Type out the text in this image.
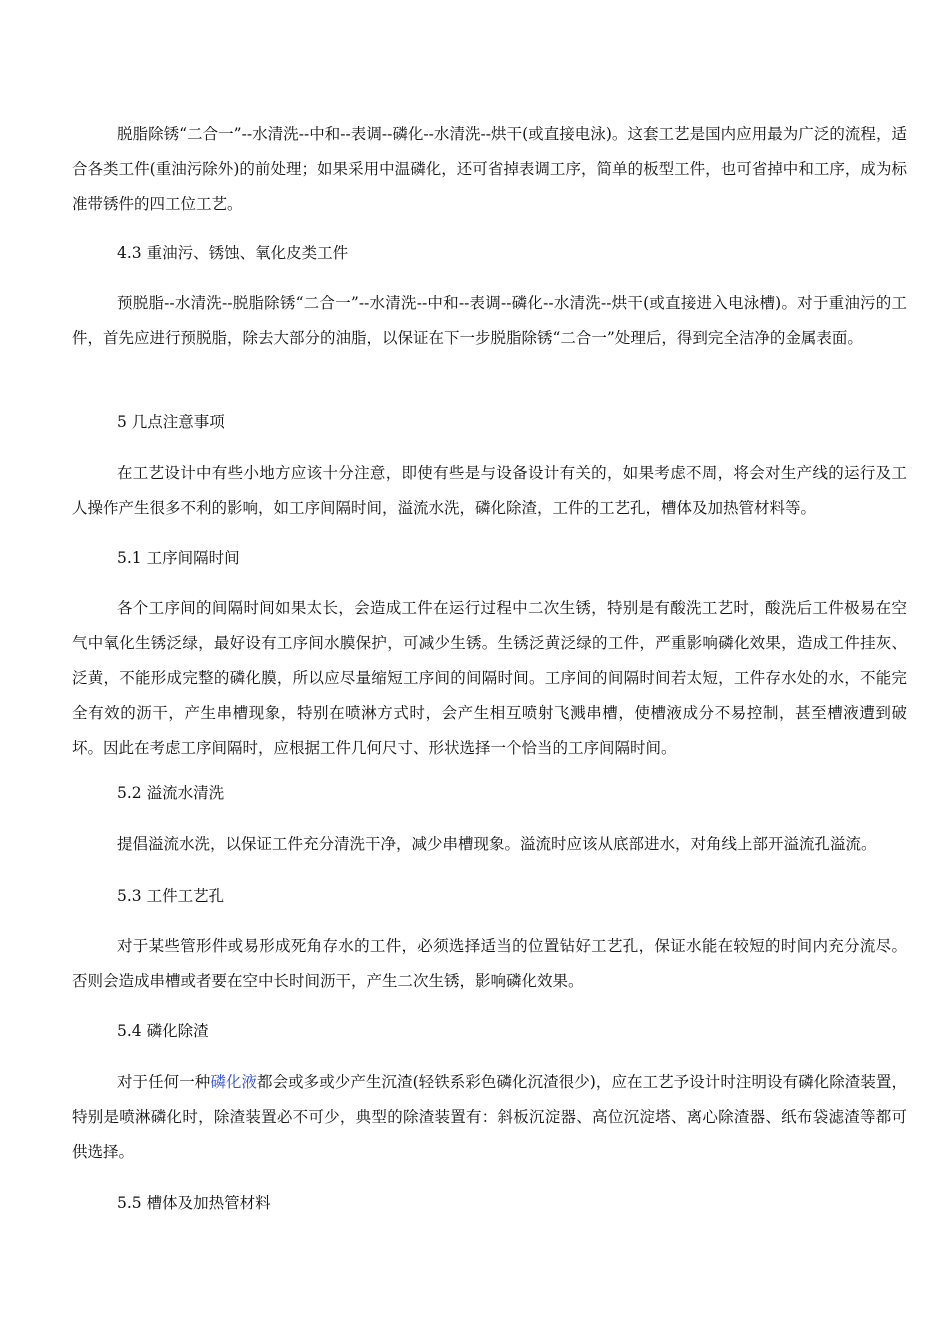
脱脂除锈“二合一”--水清洗--中和--表调--磷化--水清洗--烘干(或直接电泳)。这套工艺是国内应用最为广泛的流程，适合各类工件(重油污除外)的前处理；如果采用中温磷化，还可省掉表调工序，简单的板型工件，也可省掉中和工序，成为标准带锈件的四工位工艺。

4.3 重油污、锈蚀、氧化皮类工件

预脱脂--水清洗--脱脂除锈“二合一”--水清洗--中和--表调--磷化--水清洗--烘干(或直接进入电泳槽)。对于重油污的工件，首先应进行预脱脂，除去大部分的油脂，以保证在下一步脱脂除锈“二合一”处理后，得到完全洁净的金属表面。

5 几点注意事项

在工艺设计中有些小地方应该十分注意，即使有些是与设备设计有关的，如果考虑不周，将会对生产线的运行及工人操作产生很多不利的影响，如工序间隔时间，溢流水洗，磷化除渣，工件的工艺孔，槽体及加热管材料等。

5.1 工序间隔时间

各个工序间的间隔时间如果太长，会造成工件在运行过程中二次生锈，特别是有酸洗工艺时，酸洗后工件极易在空气中氧化生锈泛绿，最好设有工序间水膜保护，可减少生锈。生锈泛黄泛绿的工件，严重影响磷化效果，造成工件挂灰、泛黄，不能形成完整的磷化膜，所以应尽量缩短工序间的间隔时间。工序间的间隔时间若太短，工件存水处的水，不能完全有效的沥干，产生串槽现象，特别在喷淋方式时，会产生相互喷射飞溅串槽，使槽液成分不易控制，甚至槽液遭到破坏。因此在考虑工序间隔时，应根据工件几何尺寸、形状选择一个恰当的工序间隔时间。

5.2 溢流水清洗

提倡溢流水洗，以保证工件充分清洗干净，减少串槽现象。溢流时应该从底部进水，对角线上部开溢流孔溢流。

5.3 工件工艺孔

对于某些管形件或易形成死角存水的工件，必须选择适当的位置钻好工艺孔，保证水能在较短的时间内充分流尽。否则会造成串槽或者要在空中长时间沥干，产生二次生锈，影响磷化效果。

5.4 磷化除渣

对于任何一种磷化液都会或多或少产生沉渣(轻铁系彩色磷化沉渣很少)，应在工艺予设计时注明设有磷化除渣装置，特别是喷淋磷化时，除渣装置必不可少，典型的除渣装置有：斜板沉淀器、高位沉淀塔、离心除渣器、纸布袋滤渣等都可供选择。

5.5 槽体及加热管材料
